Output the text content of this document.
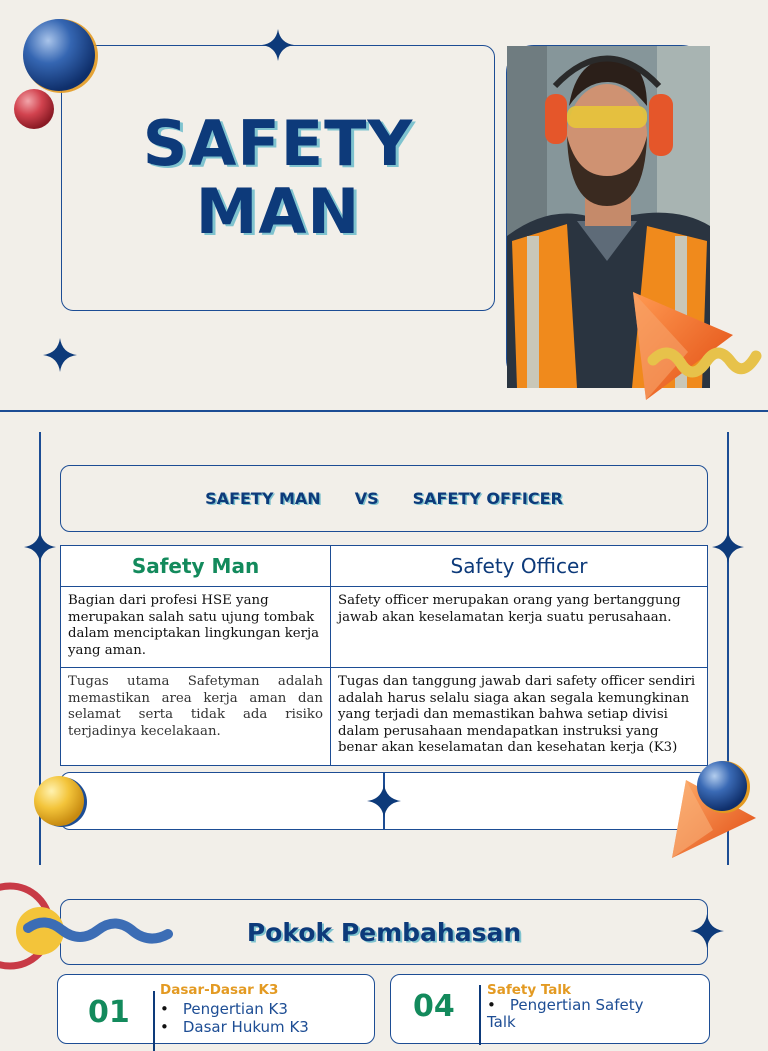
SAFETY
MAN
SAFETY MAN VS SAFETY OFFICER
Safety Man	Safety Officer
Bagian dari profesi HSE yang merupakan salah satu ujung tombak dalam menciptakan lingkungan kerja yang aman.	Safety officer merupakan orang yang bertanggung jawab akan keselamatan kerja suatu perusahaan.
Tugas utama Safetyman adalah memastikan area kerja aman dan selamat serta tidak ada risiko terjadinya kecelakaan.	Tugas dan tanggung jawab dari safety officer sendiri adalah harus selalu siaga akan segala kemungkinan yang terjadi dan memastikan bahwa setiap divisi dalam perusahaan mendapatkan instruksi yang benar akan keselamatan dan kesehatan kerja (K3)
Pokok Pembahasan
01
Dasar-Dasar K3
• Pengertian K3
• Dasar Hukum K3
04 Safety Talk
• Pengertian Safety Talk
